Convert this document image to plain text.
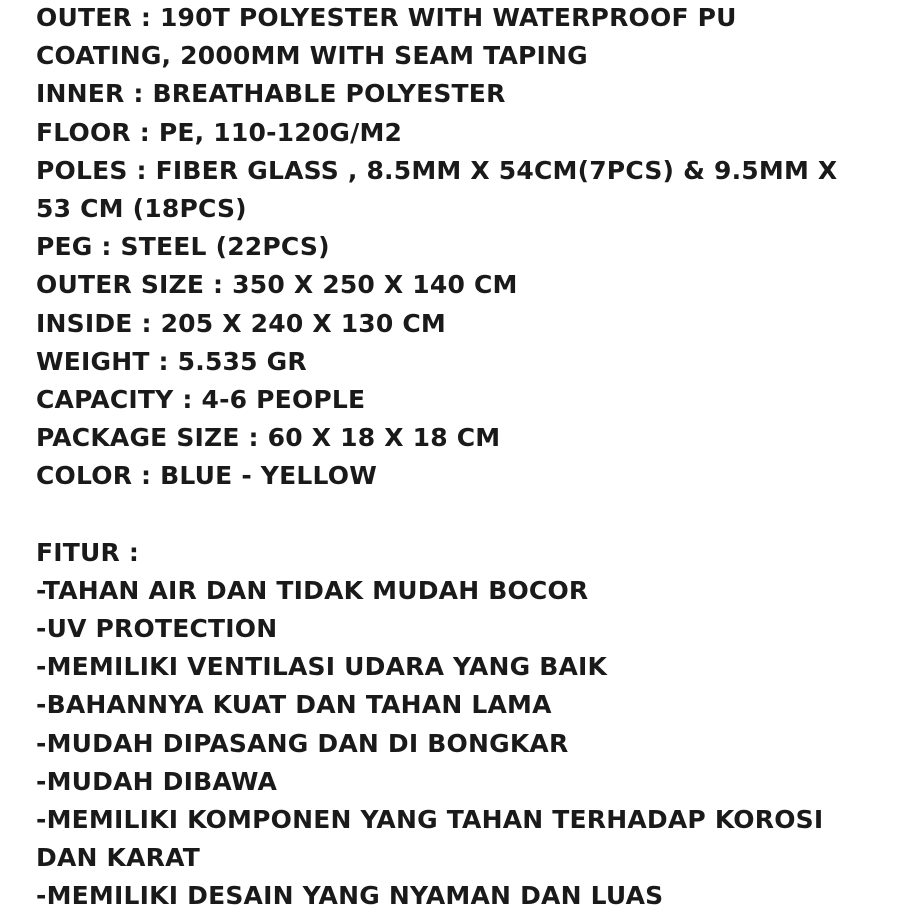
OUTER : 190T POLYESTER WITH WATERPROOF PU
COATING, 2000MM WITH SEAM TAPING
INNER : BREATHABLE POLYESTER
FLOOR : PE, 110-120G/M2
POLES : FIBER GLASS , 8.5MM X 54CM(7PCS) & 9.5MM X
53 CM (18PCS)
PEG : STEEL (22PCS)
OUTER SIZE : 350 X 250 X 140 CM
INSIDE : 205 X 240 X 130 CM
WEIGHT : 5.535 GR
CAPACITY : 4-6 PEOPLE
PACKAGE SIZE : 60 X 18 X 18 CM
COLOR : BLUE - YELLOW
FITUR :
-TAHAN AIR DAN TIDAK MUDAH BOCOR
-UV PROTECTION
-MEMILIKI VENTILASI UDARA YANG BAIK
-BAHANNYA KUAT DAN TAHAN LAMA
-MUDAH DIPASANG DAN DI BONGKAR
-MUDAH DIBAWA
-MEMILIKI KOMPONEN YANG TAHAN TERHADAP KOROSI
DAN KARAT
-MEMILIKI DESAIN YANG NYAMAN DAN LUAS
